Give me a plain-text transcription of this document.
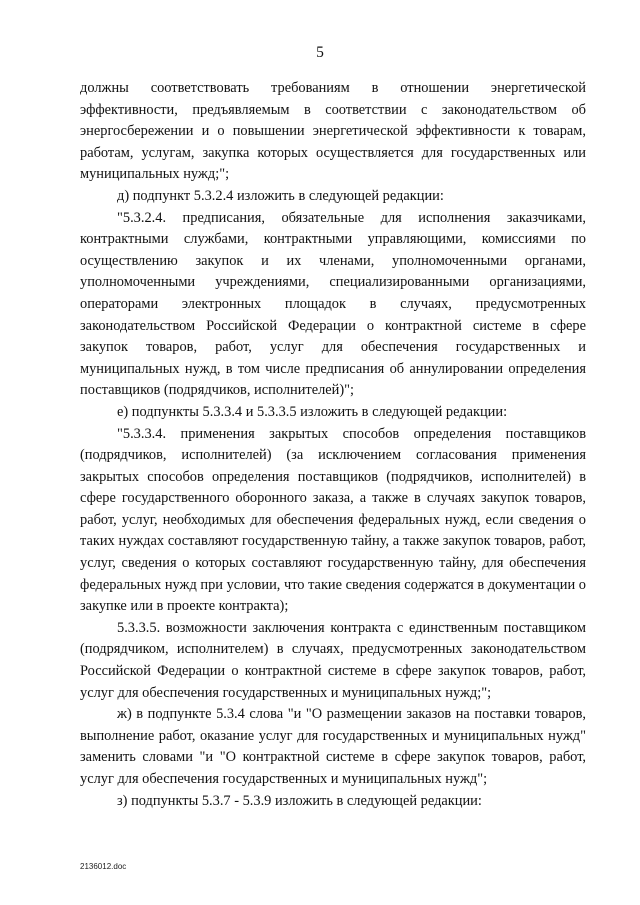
5

должны соответствовать требованиям в отношении энергетической эффективности, предъявляемым в соответствии с законодательством об энергосбережении и о повышении энергетической эффективности к товарам, работам, услугам, закупка которых осуществляется для государственных или муниципальных нужд;";

д) подпункт 5.3.2.4 изложить в следующей редакции:

"5.3.2.4. предписания, обязательные для исполнения заказчиками, контрактными службами, контрактными управляющими, комиссиями по осуществлению закупок и их членами, уполномоченными органами, уполномоченными учреждениями, специализированными организациями, операторами электронных площадок в случаях, предусмотренных законодательством Российской Федерации о контрактной системе в сфере закупок товаров, работ, услуг для обеспечения государственных и муниципальных нужд, в том числе предписания об аннулировании определения поставщиков (подрядчиков, исполнителей)";

е) подпункты 5.3.3.4 и 5.3.3.5 изложить в следующей редакции:

"5.3.3.4. применения закрытых способов определения поставщиков (подрядчиков, исполнителей) (за исключением согласования применения закрытых способов определения поставщиков (подрядчиков, исполнителей) в сфере государственного оборонного заказа, а также в случаях закупок товаров, работ, услуг, необходимых для обеспечения федеральных нужд, если сведения о таких нуждах составляют государственную тайну, а также закупок товаров, работ, услуг, сведения о которых составляют государственную тайну, для обеспечения федеральных нужд при условии, что такие сведения содержатся в документации о закупке или в проекте контракта);

5.3.3.5. возможности заключения контракта с единственным поставщиком (подрядчиком, исполнителем) в случаях, предусмотренных законодательством Российской Федерации о контрактной системе в сфере закупок товаров, работ, услуг для обеспечения государственных и муниципальных нужд;";

ж) в подпункте 5.3.4 слова "и "О размещении заказов на поставки товаров, выполнение работ, оказание услуг для государственных и муниципальных нужд" заменить словами "и "О контрактной системе в сфере закупок товаров, работ, услуг для обеспечения государственных и муниципальных нужд";

з) подпункты 5.3.7 - 5.3.9 изложить в следующей редакции:

2136012.doc
